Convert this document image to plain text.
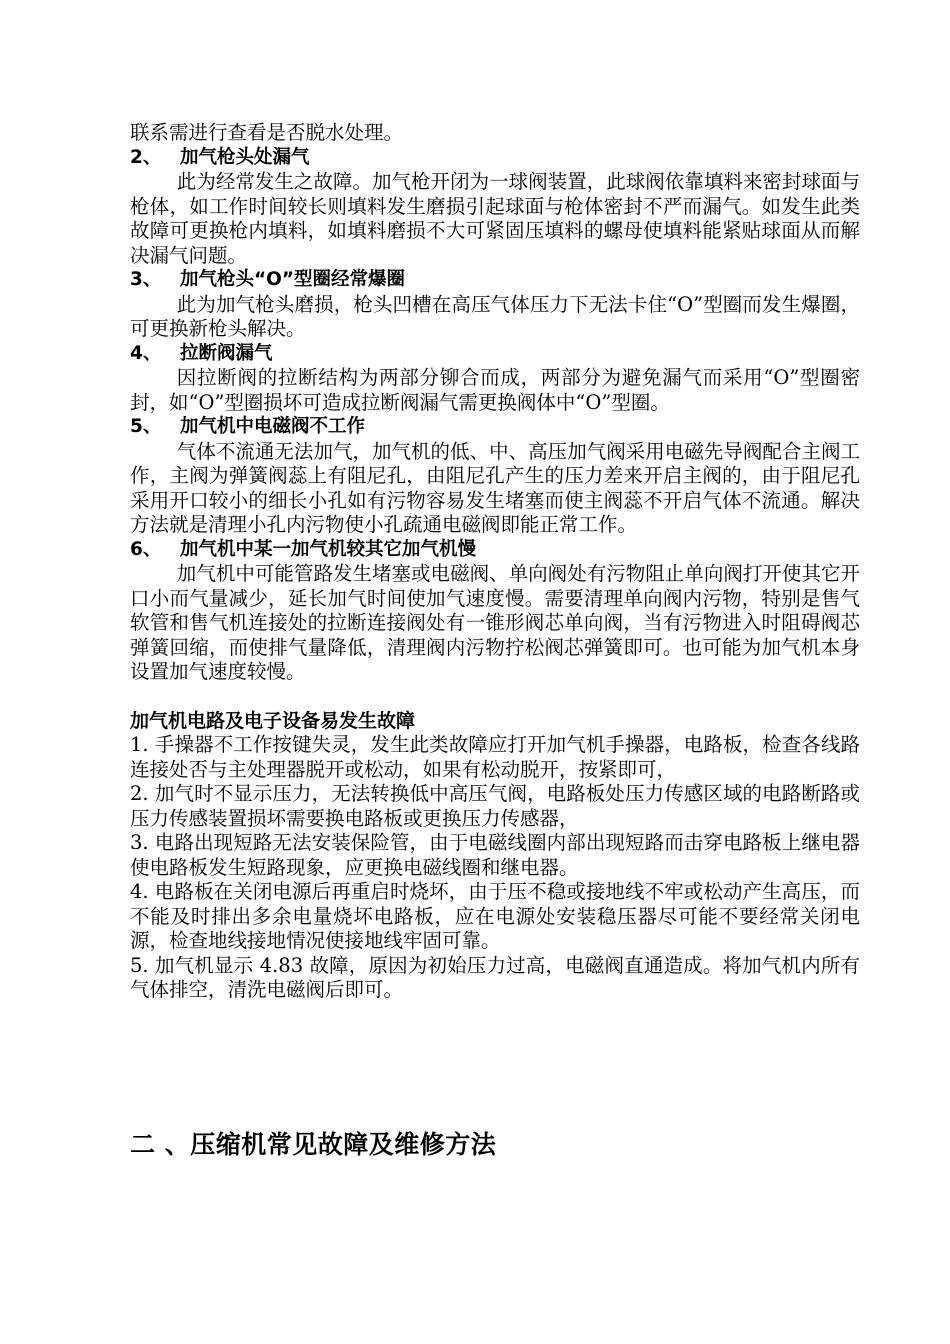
联系需进行查看是否脱水处理。

2、 加气枪头处漏气

此为经常发生之故障。加气枪开闭为一球阀装置，此球阀依靠填料来密封球面与枪体，如工作时间较长则填料发生磨损引起球面与枪体密封不严而漏气。如发生此类故障可更换枪内填料，如填料磨损不大可紧固压填料的螺母使填料能紧贴球面从而解决漏气问题。

3、 加气枪头“O”型圈经常爆圈

此为加气枪头磨损，枪头凹槽在高压气体压力下无法卡住“O”型圈而发生爆圈，可更换新枪头解决。

4、 拉断阀漏气

因拉断阀的拉断结构为两部分铆合而成，两部分为避免漏气而采用“O”型圈密封，如“O”型圈损坏可造成拉断阀漏气需更换阀体中“O”型圈。

5、 加气机中电磁阀不工作

气体不流通无法加气，加气机的低、中、高压加气阀采用电磁先导阀配合主阀工作，主阀为弹簧阀蕊上有阻尼孔，由阻尼孔产生的压力差来开启主阀的，由于阻尼孔采用开口较小的细长小孔如有污物容易发生堵塞而使主阀蕊不开启气体不流通。解决方法就是清理小孔内污物使小孔疏通电磁阀即能正常工作。

6、 加气机中某一加气机较其它加气机慢

加气机中可能管路发生堵塞或电磁阀、单向阀处有污物阻止单向阀打开使其它开口小而气量减少，延长加气时间使加气速度慢。需要清理单向阀内污物，特别是售气软管和售气机连接处的拉断连接阀处有一锥形阀芯单向阀，当有污物进入时阻碍阀芯弹簧回缩，而使排气量降低，清理阀内污物拧松阀芯弹簧即可。也可能为加气机本身设置加气速度较慢。

加气机电路及电子设备易发生故障

1. 手操器不工作按键失灵，发生此类故障应打开加气机手操器，电路板，检查各线路连接处否与主处理器脱开或松动，如果有松动脱开，按紧即可，

2. 加气时不显示压力，无法转换低中高压气阀，电路板处压力传感区域的电路断路或压力传感装置损坏需要换电路板或更换压力传感器，

3. 电路出现短路无法安装保险管，由于电磁线圈内部出现短路而击穿电路板上继电器使电路板发生短路现象，应更换电磁线圈和继电器。

4. 电路板在关闭电源后再重启时烧坏，由于压不稳或接地线不牢或松动产生高压，而不能及时排出多余电量烧坏电路板，应在电源处安装稳压器尽可能不要经常关闭电源，检查地线接地情况使接地线牢固可靠。

5. 加气机显示 4.83 故障，原因为初始压力过高，电磁阀直通造成。将加气机内所有气体排空，清洗电磁阀后即可。

二 、压缩机常见故障及维修方法
